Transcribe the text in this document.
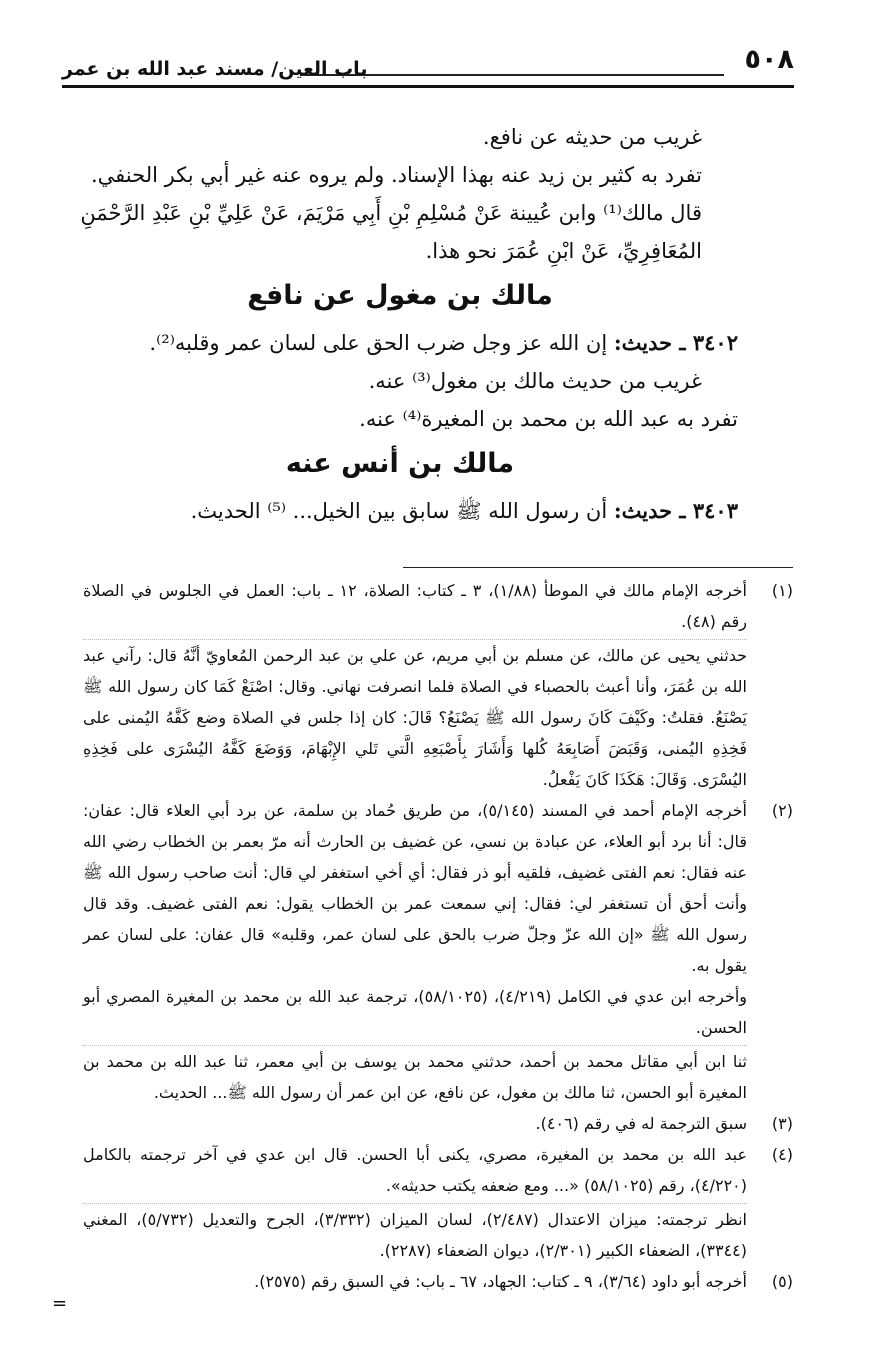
٥٠٨
باب العين/ مسند عبد الله بن عمر

غريب من حديثه عن نافع.

تفرد به كثير بن زيد عنه بهذا الإسناد. ولم يروه عنه غير أبي بكر الحنفي.

قال مالك⁽¹⁾ وابن عُيينة عَنْ مُسْلِمِ بْنِ أَبِي مَرْيَمَ، عَنْ عَلِيِّ بْنِ عَبْدِ الرَّحْمَنِ المُعَافِرِيِّ، عَنْ ابْنِ عُمَرَ نحو هذا.

مالك بن مغول عن نافع

٣٤٠٢ ـ حديث: إن الله عز وجل ضرب الحق على لسان عمر وقلبه⁽²⁾.

غريب من حديث مالك بن مغول⁽³⁾ عنه.

تفرد به عبد الله بن محمد بن المغيرة⁽⁴⁾ عنه.

مالك بن أنس عنه

٣٤٠٣ ـ حديث: أن رسول الله ﷺ سابق بين الخيل... ⁽⁵⁾ الحديث.

(١)

أخرجه الإمام مالك في الموطأ (١/٨٨)، ٣ ـ كتاب: الصلاة، ١٢ ـ باب: العمل في الجلوس في الصلاة رقم (٤٨).

حدثني يحيى عن مالك، عن مسلم بن أبي مريم، عن علي بن عبد الرحمن المُعاويّ أنَّهُ قال: رآني عبد الله بن عُمَرَ، وأنا أعبث بالحصباء في الصلاة فلما انصرفت نهاني. وقال: اصْنَعْ كَمَا كان رسول الله ﷺ يَصْنَعُ. فقلتُ: وكَيْفَ كَانَ رسول الله ﷺ يَصْنَعُ؟ قَالَ: كان إذا جلس في الصلاة وضع كَفَّهُ اليُمنى على فَخِذِهِ اليُمنى، وَقَبَضَ أَصَابِعَهُ كُلها وَأَشَارَ بِأَصْبَعِهِ الَّتي تَلي الإِبْهَامَ، وَوَضَعَ كَفَّهُ اليُسْرَى على فَخِذِهِ اليُسْرَى. وَقَالَ: هَكَذَا كَانَ يَفْعلُ.

(٢)

أخرجه الإمام أحمد في المسند (٥/١٤٥)، من طريق حُماد بن سلمة، عن برد أبي العلاء قال: عفان: قال: أنا برد أبو العلاء، عن عبادة بن نسي، عن غضيف بن الحارث أنه مرّ بعمر بن الخطاب رضي الله عنه فقال: نعم الفتى غضيف، فلقيه أبو ذر فقال: أي أخي استغفر لي قال: أنت صاحب رسول الله ﷺ وأنت أحق أن تستغفر لي: فقال: إني سمعت عمر بن الخطاب يقول: نعم الفتى غضيف. وقد قال رسول الله ﷺ «إن الله عزّ وجلّ ضرب بالحق على لسان عمر، وقلبه» قال عفان: على لسان عمر يقول به.

وأخرجه ابن عدي في الكامل (٤/٢١٩)، (٥٨/١٠٢٥)، ترجمة عبد الله بن محمد بن المغيرة المصري أبو الحسن.

ثنا ابن أبي مقاتل محمد بن أحمد، حدثني محمد بن يوسف بن أبي معمر، ثنا عبد الله بن محمد بن المغيرة أبو الحسن، ثنا مالك بن مغول، عن نافع، عن ابن عمر أن رسول الله ﷺ... الحديث.

(٣)

سبق الترجمة له في رقم (٤٠٦).

(٤)

عبد الله بن محمد بن المغيرة، مصري، يكنى أبا الحسن. قال ابن عدي في آخر ترجمته بالكامل (٤/٢٢٠)، رقم (٥٨/١٠٢٥) «... ومع ضعفه يكتب حديثه».

انظر ترجمته: ميزان الاعتدال (٢/٤٨٧)، لسان الميزان (٣/٣٣٢)، الجرح والتعديل (٥/٧٣٢)، المغني (٣٣٤٤)، الضعفاء الكبير (٢/٣٠١)، ديوان الضعفاء (٢٢٨٧).

(٥)

أخرجه أبو داود (٣/٦٤)، ٩ ـ كتاب: الجهاد، ٦٧ ـ باب: في السبق رقم (٢٥٧٥).

=
